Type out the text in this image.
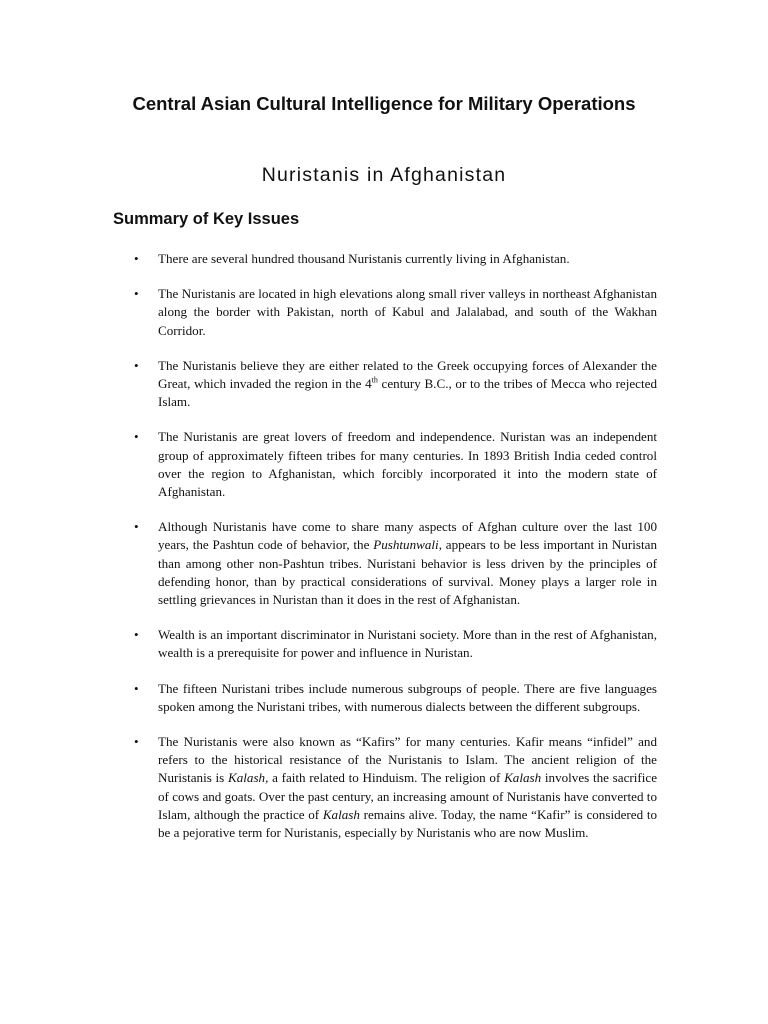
Central Asian Cultural Intelligence for Military Operations
Nuristanis in Afghanistan
Summary of Key Issues
• There are several hundred thousand Nuristanis currently living in Afghanistan.
• The Nuristanis are located in high elevations along small river valleys in northeast Afghanistan along the border with Pakistan, north of Kabul and Jalalabad, and south of the Wakhan Corridor.
• The Nuristanis believe they are either related to the Greek occupying forces of Alexander the Great, which invaded the region in the 4th century B.C., or to the tribes of Mecca who rejected Islam.
• The Nuristanis are great lovers of freedom and independence. Nuristan was an independent group of approximately fifteen tribes for many centuries. In 1893 British India ceded control over the region to Afghanistan, which forcibly incorporated it into the modern state of Afghanistan.
• Although Nuristanis have come to share many aspects of Afghan culture over the last 100 years, the Pashtun code of behavior, the Pushtunwali, appears to be less important in Nuristan than among other non-Pashtun tribes. Nuristani behavior is less driven by the principles of defending honor, than by practical considerations of survival. Money plays a larger role in settling grievances in Nuristan than it does in the rest of Afghanistan.
• Wealth is an important discriminator in Nuristani society. More than in the rest of Afghanistan, wealth is a prerequisite for power and influence in Nuristan.
• The fifteen Nuristani tribes include numerous subgroups of people. There are five languages spoken among the Nuristani tribes, with numerous dialects between the different subgroups.
• The Nuristanis were also known as “Kafirs” for many centuries. Kafir means “infidel” and refers to the historical resistance of the Nuristanis to Islam. The ancient religion of the Nuristanis is Kalash, a faith related to Hinduism. The religion of Kalash involves the sacrifice of cows and goats. Over the past century, an increasing amount of Nuristanis have converted to Islam, although the practice of Kalash remains alive. Today, the name “Kafir” is considered to be a pejorative term for Nuristanis, especially by Nuristanis who are now Muslim.
